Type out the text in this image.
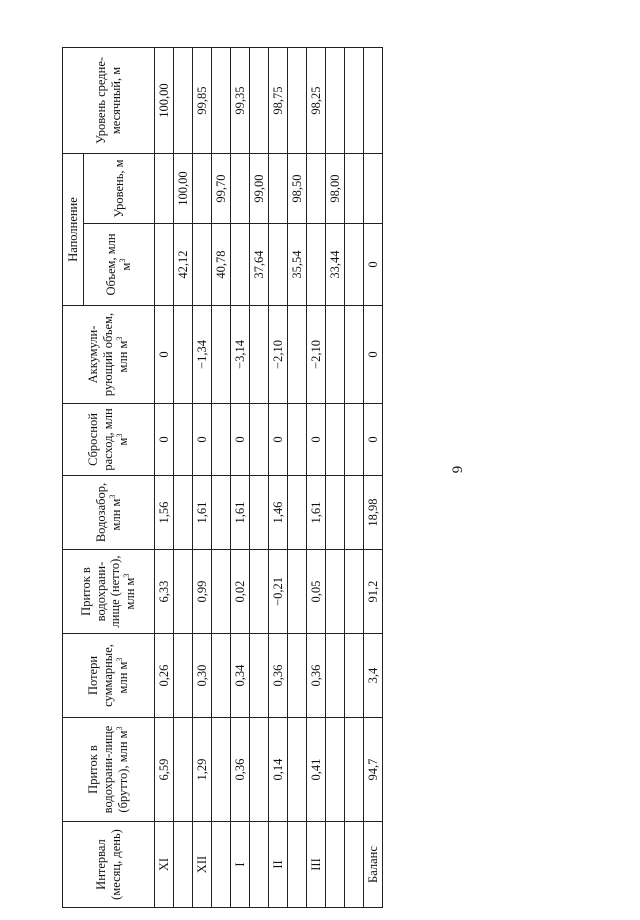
6
Интервал (месяц, день)	Приток в водохрани-лище (брутто), млн $м^3$	Потери суммарные, млн $м^3$	Приток в водохрани-лище (нетто), млн $м^3$	Водозабор, млн $м^3$	Сбросной расход, млн $м^3$	Аккумули-рующий объем, млн $м^3$	Наполнение		Уровень средне-месячный, м
							Объем, млн $м^3$	Уровень, м	
XI	6,59	0,26	6,33	1,56	0	0			100,00
							42,12	100,00	
XII	1,29	0,30	0,99	1,61	0	−1,34			99,85
							40,78	99,70	
I	0,36	0,34	0,02	1,61	0	−3,14			99,35
							37,64	99,00	
II	0,14	0,36	−0,21	1,46	0	−2,10			98,75
							35,54	98,50	
III	0,41	0,36	0,05	1,61	0	−2,10			98,25
							33,44	98,00	

Баланс	94,7	3,4	91,2	18,98	0	0	0		
